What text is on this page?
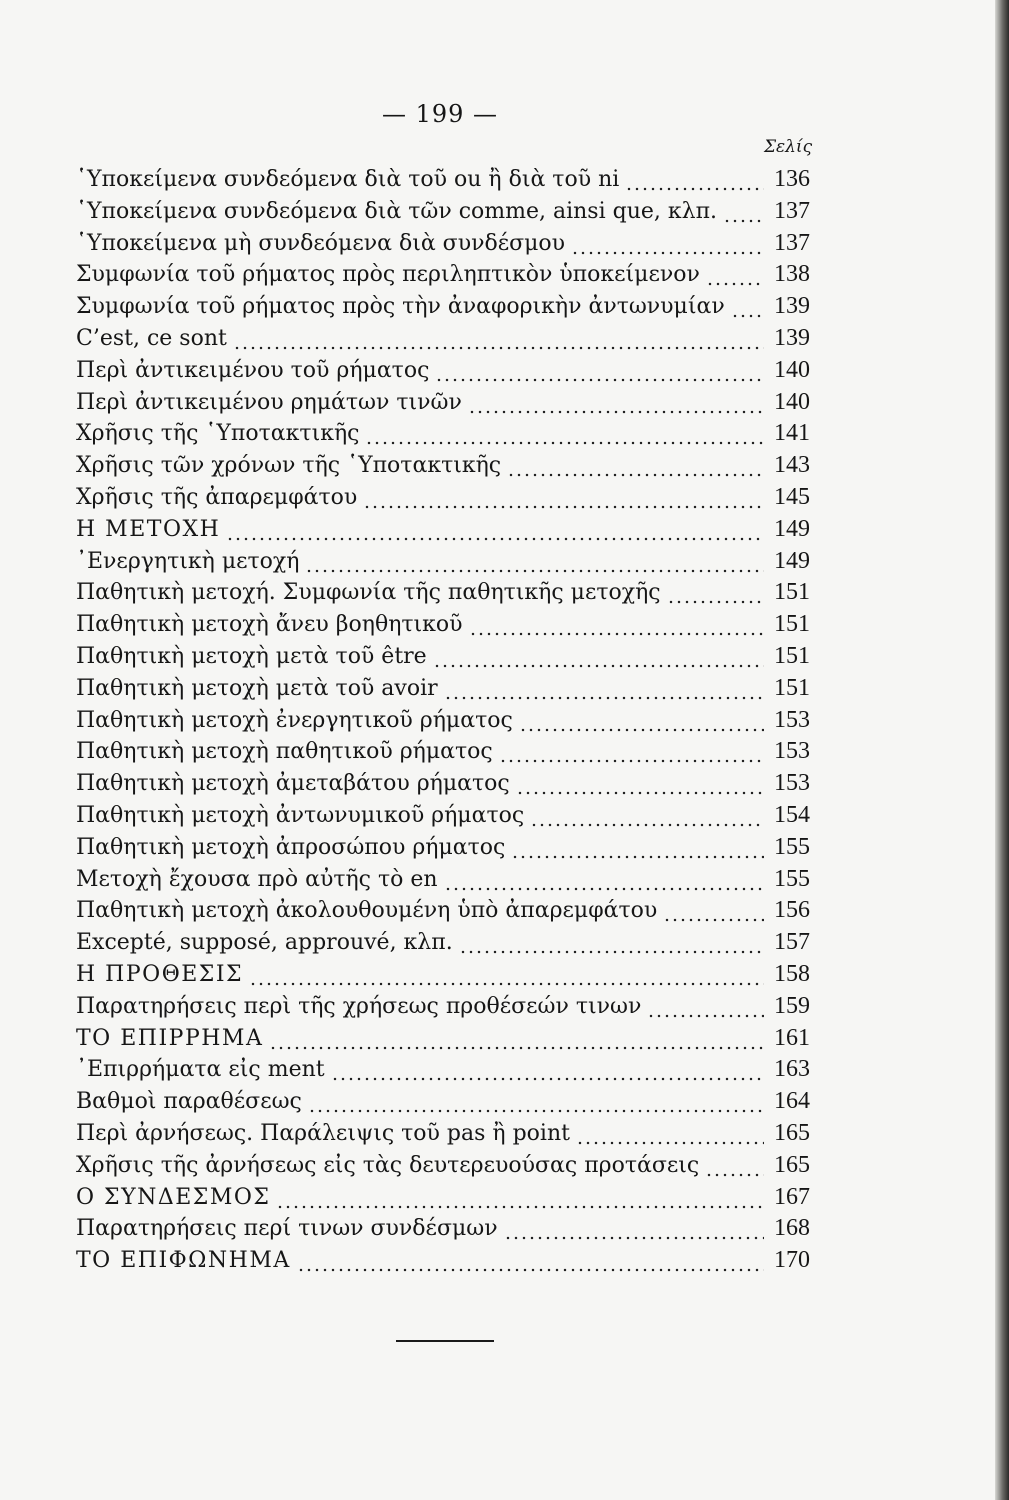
— 199 —
Σελίς
῾Υποκείμενα συνδεόμενα διὰ τοῦ ou ἢ διὰ τοῦ ni	136
῾Υποκείμενα συνδεόμενα διὰ τῶν comme, ainsi que, κλπ. 137
῾Υποκείμενα μὴ συνδεόμενα διὰ συνδέσμου	137
Συμφωνία τοῦ ρήματος πρὸς περιληπτικὸν ὑποκείμενον	138
Συμφωνία τοῦ ρήματος πρὸς τὴν ἀναφορικὴν ἀντωνυμίαν 139
C’est, ce sont	139
Περὶ ἀντικειμένου τοῦ ρήματος	140
Περὶ ἀντικειμένου ρημάτων τινῶν	140
Χρῆσις τῆς ῾Υποτακτικῆς	141
Χρῆσις τῶν χρόνων τῆς ῾Υποτακτικῆς	143
Χρῆσις τῆς ἀπαρεμφάτου	145
Η ΜΕΤΟΧΗ	149
᾿Ενεργητικὴ μετοχή	149
Παθητικὴ μετοχή. Συμφωνία τῆς παθητικῆς μετοχῆς	151
Παθητικὴ μετοχὴ ἄνευ βοηθητικοῦ	151
Παθητικὴ μετοχὴ μετὰ τοῦ être	151
Παθητικὴ μετοχὴ μετὰ τοῦ avoir	151
Παθητικὴ μετοχὴ ἐνεργητικοῦ ρήματος	153
Παθητικὴ μετοχὴ παθητικοῦ ρήματος	153
Παθητικὴ μετοχὴ ἀμεταβάτου ρήματος	153
Παθητικὴ μετοχὴ ἀντωνυμικοῦ ρήματος	154
Παθητικὴ μετοχὴ ἀπροσώπου ρήματος	155
Μετοχὴ ἔχουσα πρὸ αὐτῆς τὸ en	155
Παθητικὴ μετοχὴ ἀκολουθουμένη ὑπὸ ἀπαρεμφάτου	156
Excepté, supposé, approuvé, κλπ.	157
Η ΠΡΟΘΕΣΙΣ	158
Παρατηρήσεις περὶ τῆς χρήσεως προθέσεών τινων	159
ΤΟ ΕΠΙΡΡΗΜΑ	161
᾿Επιρρήματα εἰς ment	163
Βαθμοὶ παραθέσεως	164
Περὶ ἀρνήσεως. Παράλειψις τοῦ pas ἢ point	165
Χρῆσις τῆς ἀρνήσεως εἰς τὰς δευτερευούσας προτάσεις	165
Ο ΣΥΝΔΕΣΜΟΣ	167
Παρατηρήσεις περί τινων συνδέσμων	168
ΤΟ ΕΠΙΦΩΝΗΜΑ	170
